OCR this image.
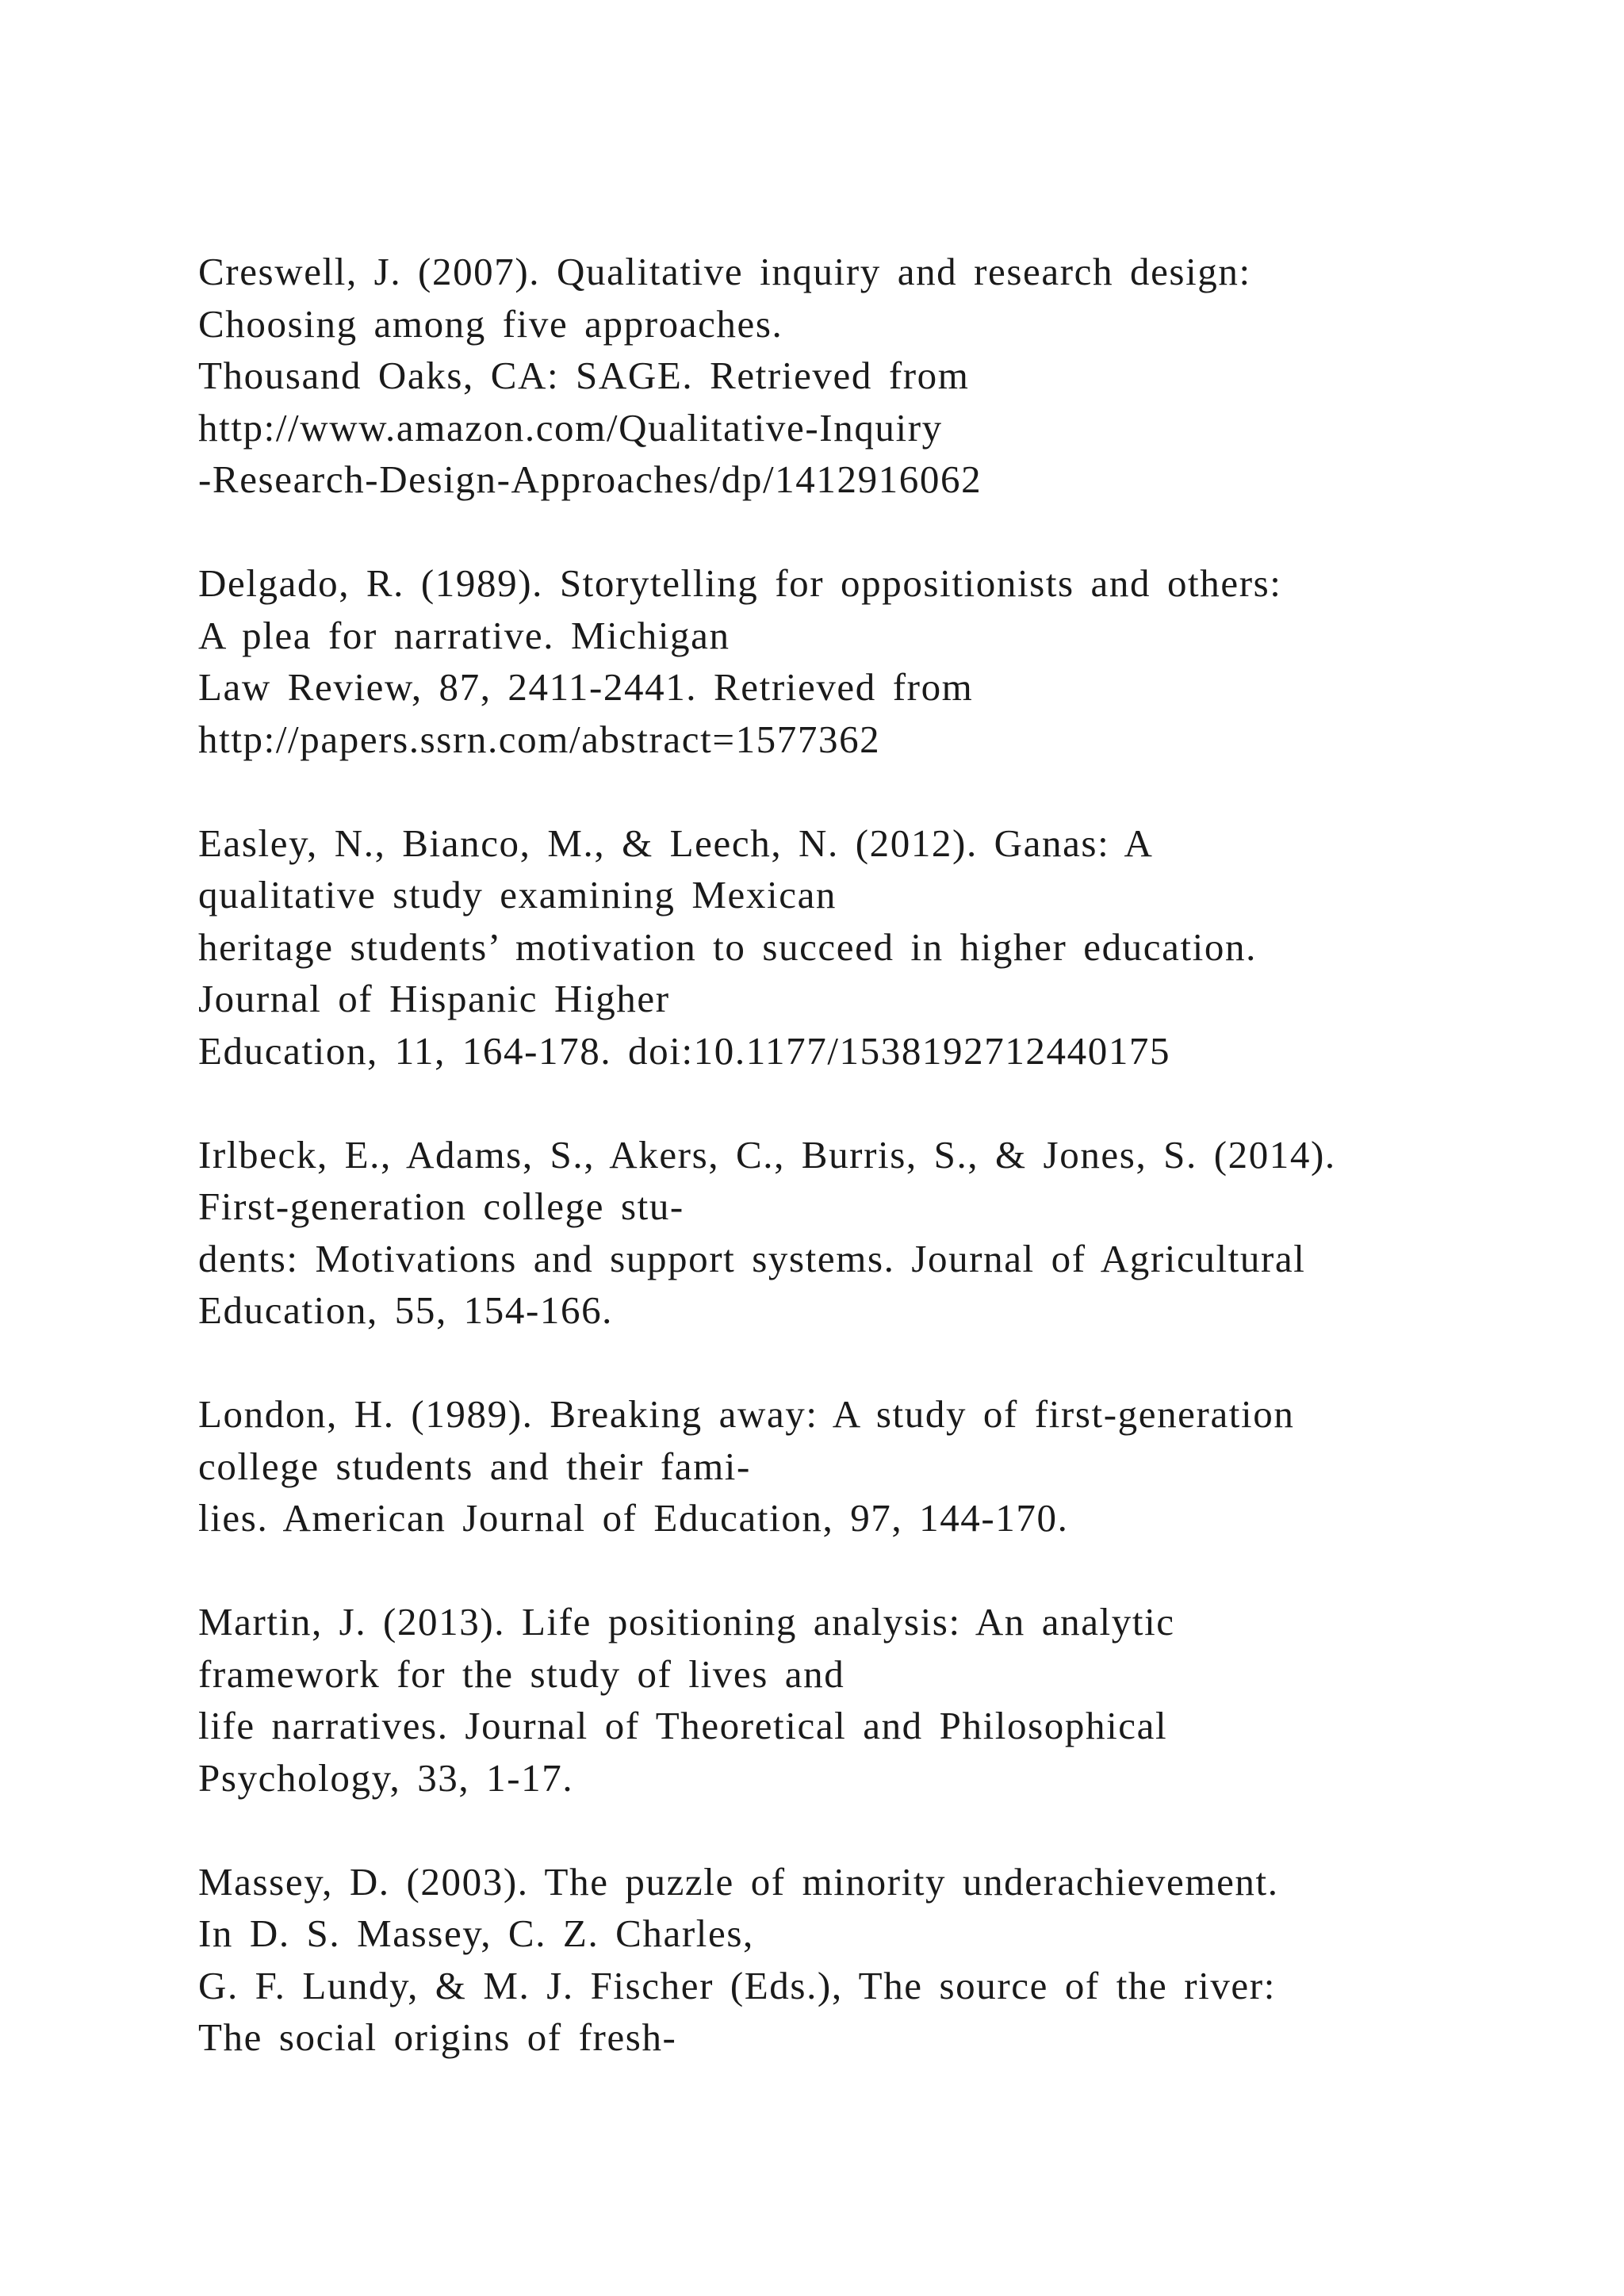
Creswell, J. (2007). Qualitative inquiry and research design:
Choosing among five approaches.
Thousand Oaks, CA: SAGE. Retrieved from
http://www.amazon.com/Qualitative-Inquiry
-Research-Design-Approaches/dp/1412916062
Delgado, R. (1989). Storytelling for oppositionists and others:
A plea for narrative. Michigan
Law Review, 87, 2411-2441. Retrieved from
http://papers.ssrn.com/abstract=1577362
Easley, N., Bianco, M., & Leech, N. (2012). Ganas: A
qualitative study examining Mexican
heritage students’ motivation to succeed in higher education.
Journal of Hispanic Higher
Education, 11, 164-178. doi:10.1177/1538192712440175
Irlbeck, E., Adams, S., Akers, C., Burris, S., & Jones, S. (2014).
First-generation college stu-
dents: Motivations and support systems. Journal of Agricultural
Education, 55, 154-166.
London, H. (1989). Breaking away: A study of first-generation
college students and their fami-
lies. American Journal of Education, 97, 144-170.
Martin, J. (2013). Life positioning analysis: An analytic
framework for the study of lives and
life narratives. Journal of Theoretical and Philosophical
Psychology, 33, 1-17.
Massey, D. (2003). The puzzle of minority underachievement.
In D. S. Massey, C. Z. Charles,
G. F. Lundy, & M. J. Fischer (Eds.), The source of the river:
The social origins of fresh-
